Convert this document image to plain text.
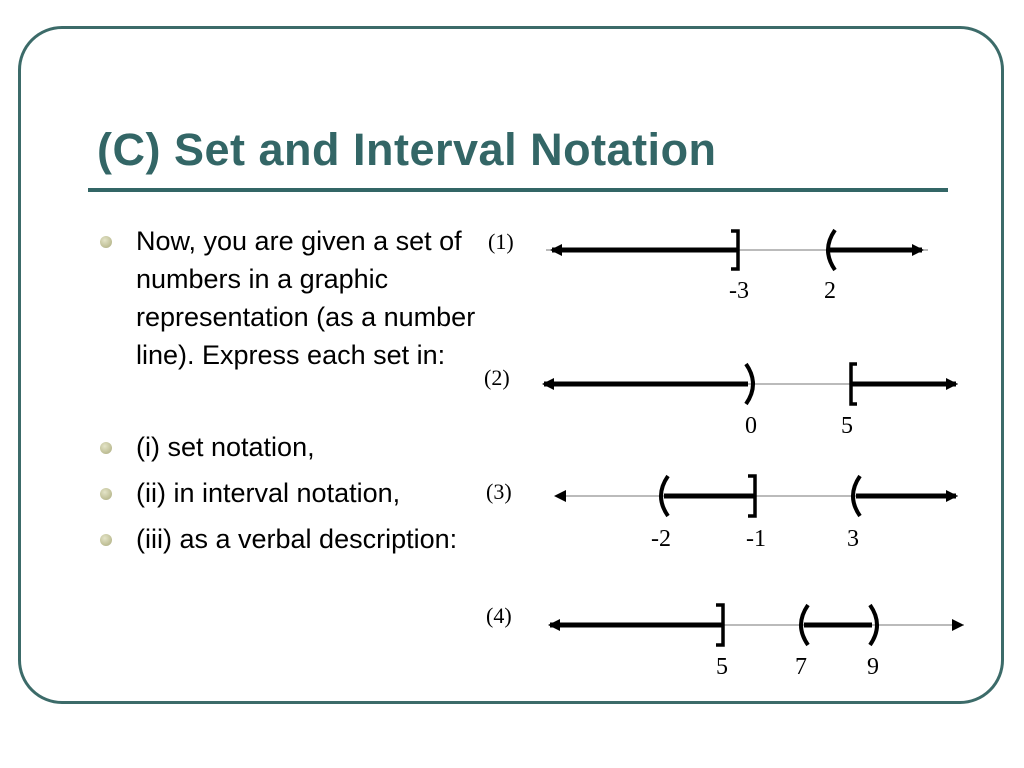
(C) Set and Interval Notation
Now, you are given a set of numbers in a graphic representation (as a number line). Express each set in:
(i) set notation,
(ii) in interval notation,
(iii) as a verbal description:
(1)
-3	2
(2)
0	5
(3)
-2	-1	3
(4)
5	7	9
